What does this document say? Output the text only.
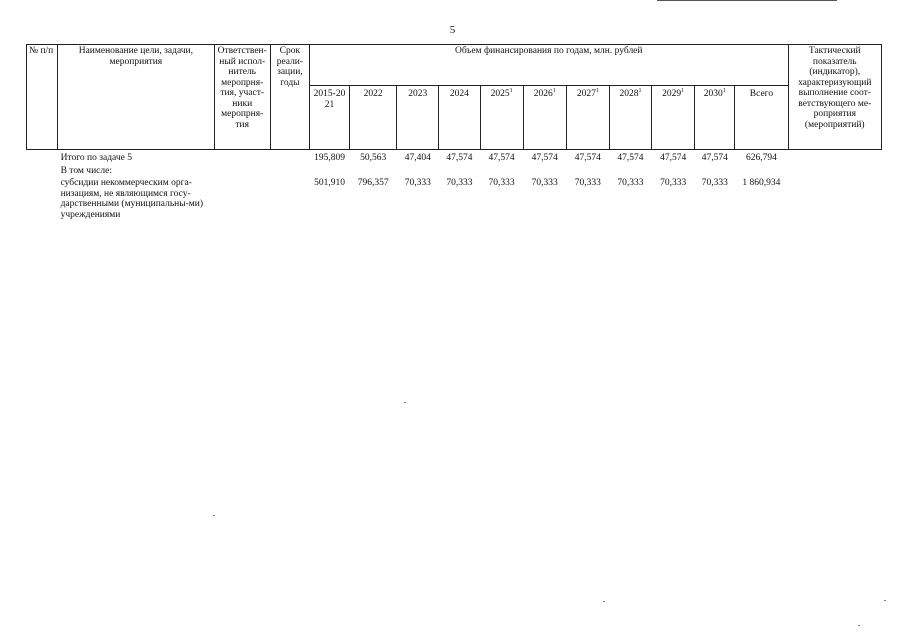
5
№ п/п	Наименование цели, задачи, мероприятия	Ответствен-ный испол-нитель меропрня-тия, участ-ники меропрня-тия	Срок реали-зации, годы	Объем финансирования по годам, млн. рублей											Тактический показатель (индикатор), характеризующий выполнение соот-ветствующего ме-роприятия (мероприятий)
				2015-2021	2022	2023	2024	2025$^1$	2026$^1$	2027$^1$	2028$^1$	2029$^1$	2030$^1$	Всего	
	Итого по задаче 5			195,809	50,563	47,404	47,574	47,574	47,574	47,574	47,574	47,574	47,574	626,794	
	В том числе:														
	субсидии некоммерческим орга-низациям, не являющимся госу-дарственными (муниципальны-ми) учреждениями			501,910	796,357	70,333	70,333	70,333	70,333	70,333	70,333	70,333	70,333	1 860,934	
